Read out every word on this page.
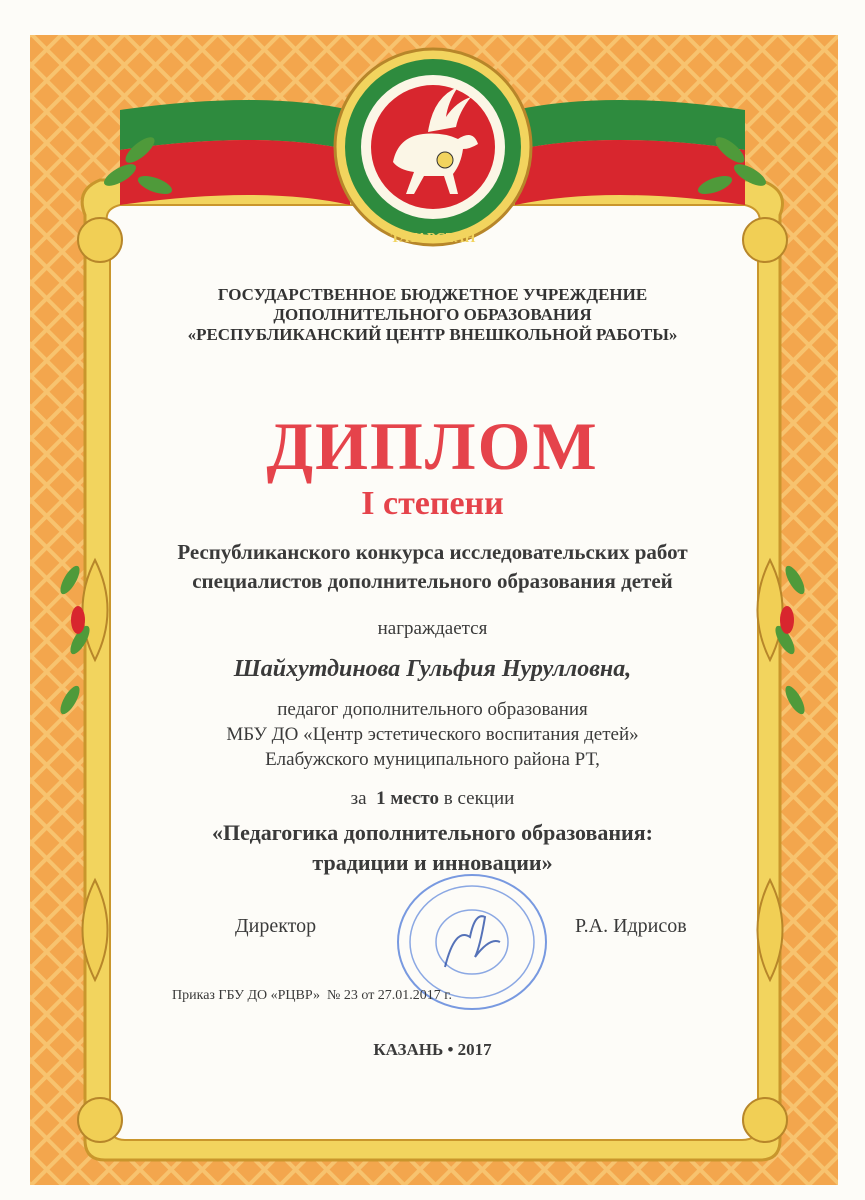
ТАТАРСТАН
ГОСУДАРСТВЕННОЕ БЮДЖЕТНОЕ УЧРЕЖДЕНИЕ
ДОПОЛНИТЕЛЬНОГО ОБРАЗОВАНИЯ
«РЕСПУБЛИКАНСКИЙ ЦЕНТР ВНЕШКОЛЬНОЙ РАБОТЫ»
ДИПЛОМ
I степени
Республиканского конкурса исследовательских работ
специалистов дополнительного образования детей
награждается
Шайхутдинова Гульфия Нурулловна,
педагог дополнительного образования
МБУ ДО «Центр эстетического воспитания детей»
Елабужского муниципального района РТ,
за 1 место в секции
«Педагогика дополнительного образования:
традиции и инновации»
Директор	Р.А. Идрисов
Приказ ГБУ ДО «РЦВР»  № 23 от 27.01.2017 г.
КАЗАНЬ • 2017
